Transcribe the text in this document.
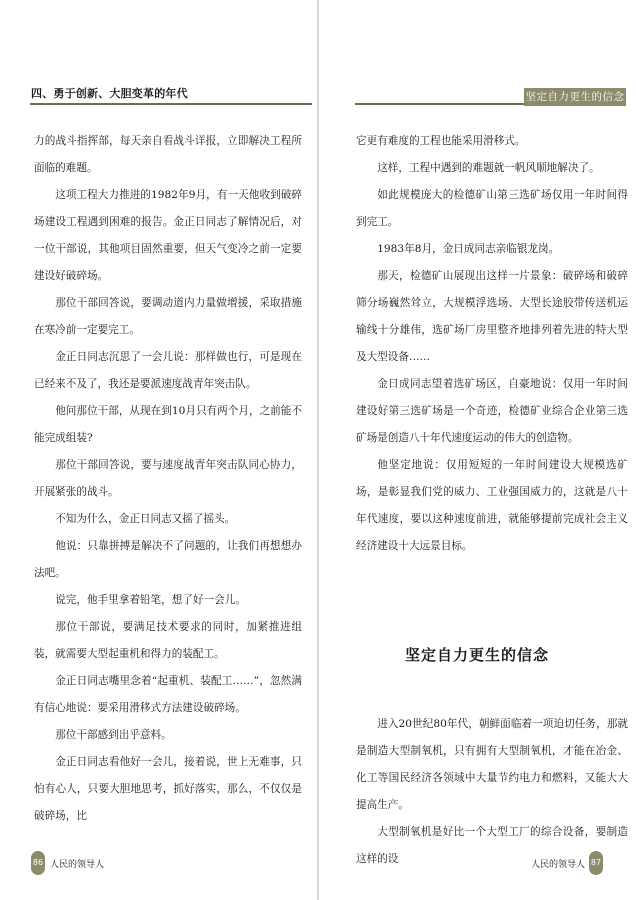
四、勇于创新、大胆变革的年代

力的战斗指挥部，每天亲自看战斗详报，立即解决工程所面临的难题。

这项工程大力推进的1982年9月，有一天他收到破碎场建设工程遇到困难的报告。金正日同志了解情况后，对一位干部说，其他项目固然重要，但天气变冷之前一定要建设好破碎场。

那位干部回答说，要调动道内力量做增援，采取措施在寒冷前一定要完工。

金正日同志沉思了一会儿说：那样做也行，可是现在已经来不及了，我还是要派速度战青年突击队。

他问那位干部，从现在到10月只有两个月，之前能不能完成组装?

那位干部回答说，要与速度战青年突击队同心协力，开展紧张的战斗。

不知为什么，金正日同志又摇了摇头。

他说：只靠拼搏是解决不了问题的，让我们再想想办法吧。

说完，他手里拿着铅笔，想了好一会儿。

那位干部说，要满足技术要求的同时，加紧推进组装，就需要大型起重机和得力的装配工。

金正日同志嘴里念着“起重机、装配工……”，忽然满有信心地说：要采用滑移式方法建设破碎场。

那位干部感到出乎意料。

金正日同志看他好一会儿，接着说，世上无难事，只怕有心人，只要大胆地思考，抓好落实，那么，不仅仅是破碎场，比

86 人民的领导人
坚定自力更生的信念

它更有难度的工程也能采用滑移式。

这样，工程中遇到的难题就一帆风顺地解决了。

如此规模庞大的检德矿山第三选矿场仅用一年时间得到完工。

1983年8月，金日成同志亲临银龙岗。

那天，检德矿山展现出这样一片景象：破碎场和破碎筛分场巍然耸立，大规模浮选场、大型长途胶带传送机运输线十分雄伟，选矿场厂房里整齐地排列着先进的特大型及大型设备……

金日成同志望着选矿场区，自豪地说：仅用一年时间建设好第三选矿场是一个奇迹，检德矿业综合企业第三选矿场是创造八十年代速度运动的伟大的创造物。

他坚定地说：仅用短短的一年时间建设大规模选矿场，是彰显我们党的威力、工业强国威力的，这就是八十年代速度，要以这种速度前进，就能够提前完成社会主义经济建设十大远景目标。

坚定自力更生的信念

进入20世纪80年代，朝鲜面临着一项迫切任务，那就是制造大型制氧机，只有拥有大型制氧机，才能在冶金、化工等国民经济各领域中大量节约电力和燃料，又能大大提高生产。

大型制氧机是好比一个大型工厂的综合设备，要制造这样的设	87
人民的领导人
